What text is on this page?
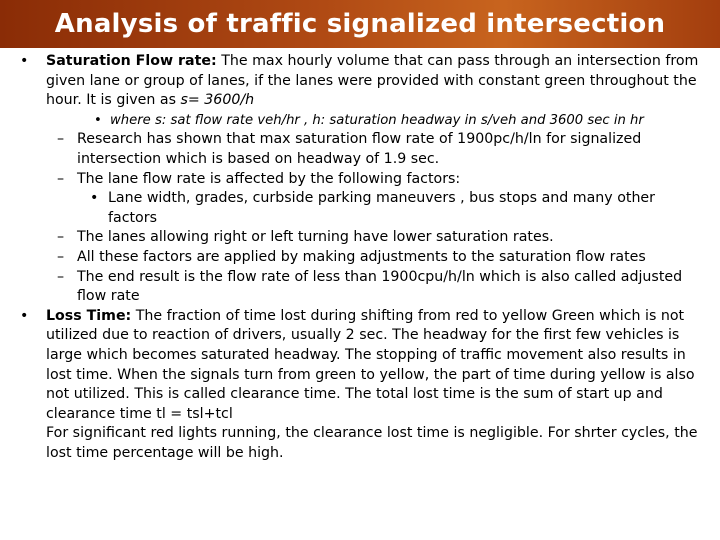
Analysis of traffic signalized intersection
• Saturation Flow rate: The max hourly volume that can pass through an intersection from given lane or group of lanes, if the lanes were provided with constant green throughout the hour. It is given as s= 3600/h
• where s: sat flow rate veh/hr , h: saturation headway in s/veh and 3600 sec in hr
– Research has shown that max saturation flow rate of 1900pc/h/ln for signalized intersection which is based on headway of 1.9 sec.
– The lane flow rate is affected by the following factors:
• Lane width, grades, curbside parking maneuvers , bus stops and many other factors
– The lanes allowing right or left turning have lower saturation rates.
– All these factors are applied by making adjustments to the saturation flow rates
– The end result is the flow rate of less than 1900cpu/h/ln which is also called adjusted flow rate
• Loss Time: The fraction of time lost during shifting from red to yellow Green which is not utilized due to reaction of drivers, usually 2 sec. The headway for the first few vehicles is large which becomes saturated headway. The stopping of traffic movement also results in lost time. When the signals turn from green to yellow, the part of time during yellow is also not utilized. This is called clearance time. The total lost time is the sum of start up and clearance time tl = tsl+tcl
For significant red lights running, the clearance lost time is negligible. For shrter cycles, the lost time percentage will be high.
